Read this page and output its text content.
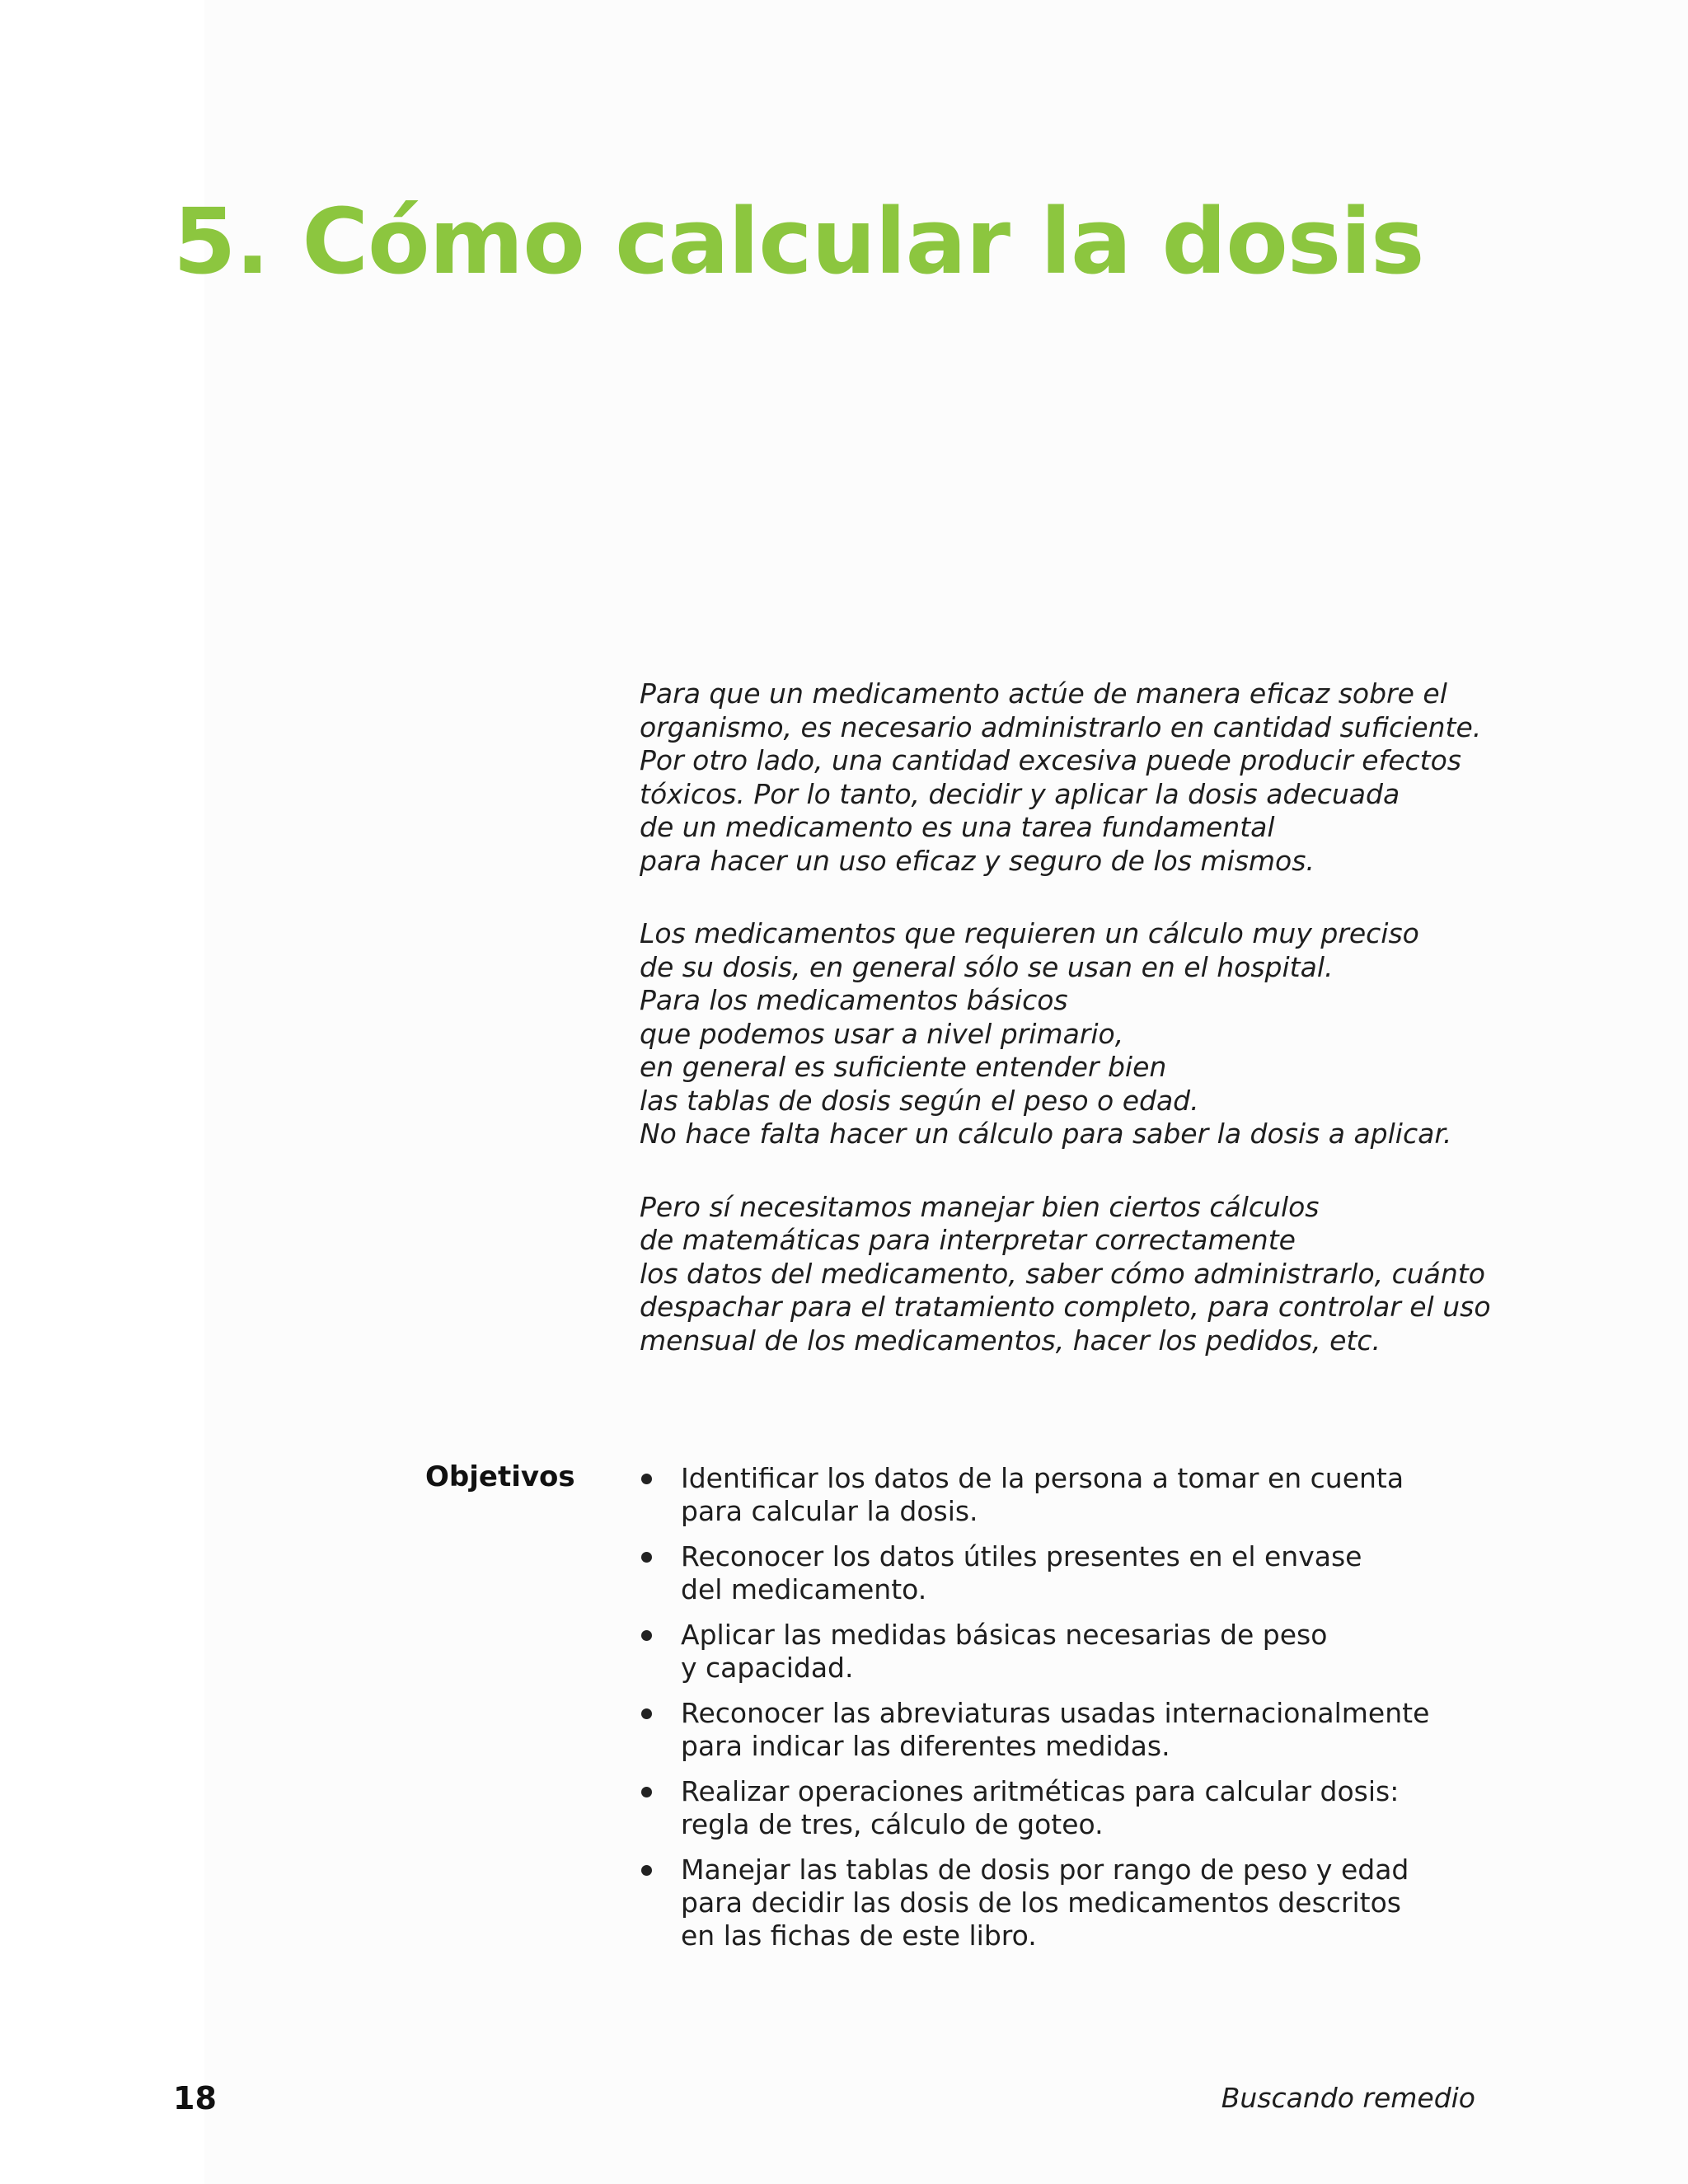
5. Cómo calcular la dosis

Para que un medicamento actúe de manera eficaz sobre el
organismo, es necesario administrarlo en cantidad suficiente.
Por otro lado, una cantidad excesiva puede producir efectos
tóxicos. Por lo tanto, decidir y aplicar la dosis adecuada
de un medicamento es una tarea fundamental
para hacer un uso eficaz y seguro de los mismos.

Los medicamentos que requieren un cálculo muy preciso
de su dosis, en general sólo se usan en el hospital.
Para los medicamentos básicos
que podemos usar a nivel primario,
en general es suficiente entender bien
las tablas de dosis según el peso o edad.
No hace falta hacer un cálculo para saber la dosis a aplicar.

Pero sí necesitamos manejar bien ciertos cálculos
de matemáticas para interpretar correctamente
los datos del medicamento, saber cómo administrarlo, cuánto
despachar para el tratamiento completo, para controlar el uso
mensual de los medicamentos, hacer los pedidos, etc.

Objetivos	Identificar los datos de la persona a tomar en cuenta
para calcular la dosis.
Reconocer los datos útiles presentes en el envase
del medicamento.
Aplicar las medidas básicas necesarias de peso
y capacidad.
Reconocer las abreviaturas usadas internacionalmente
para indicar las diferentes medidas.
Realizar operaciones aritméticas para calcular dosis:
regla de tres, cálculo de goteo.
Manejar las tablas de dosis por rango de peso y edad
para decidir las dosis de los medicamentos descritos
en las fichas de este libro.
18	Buscando remedio
